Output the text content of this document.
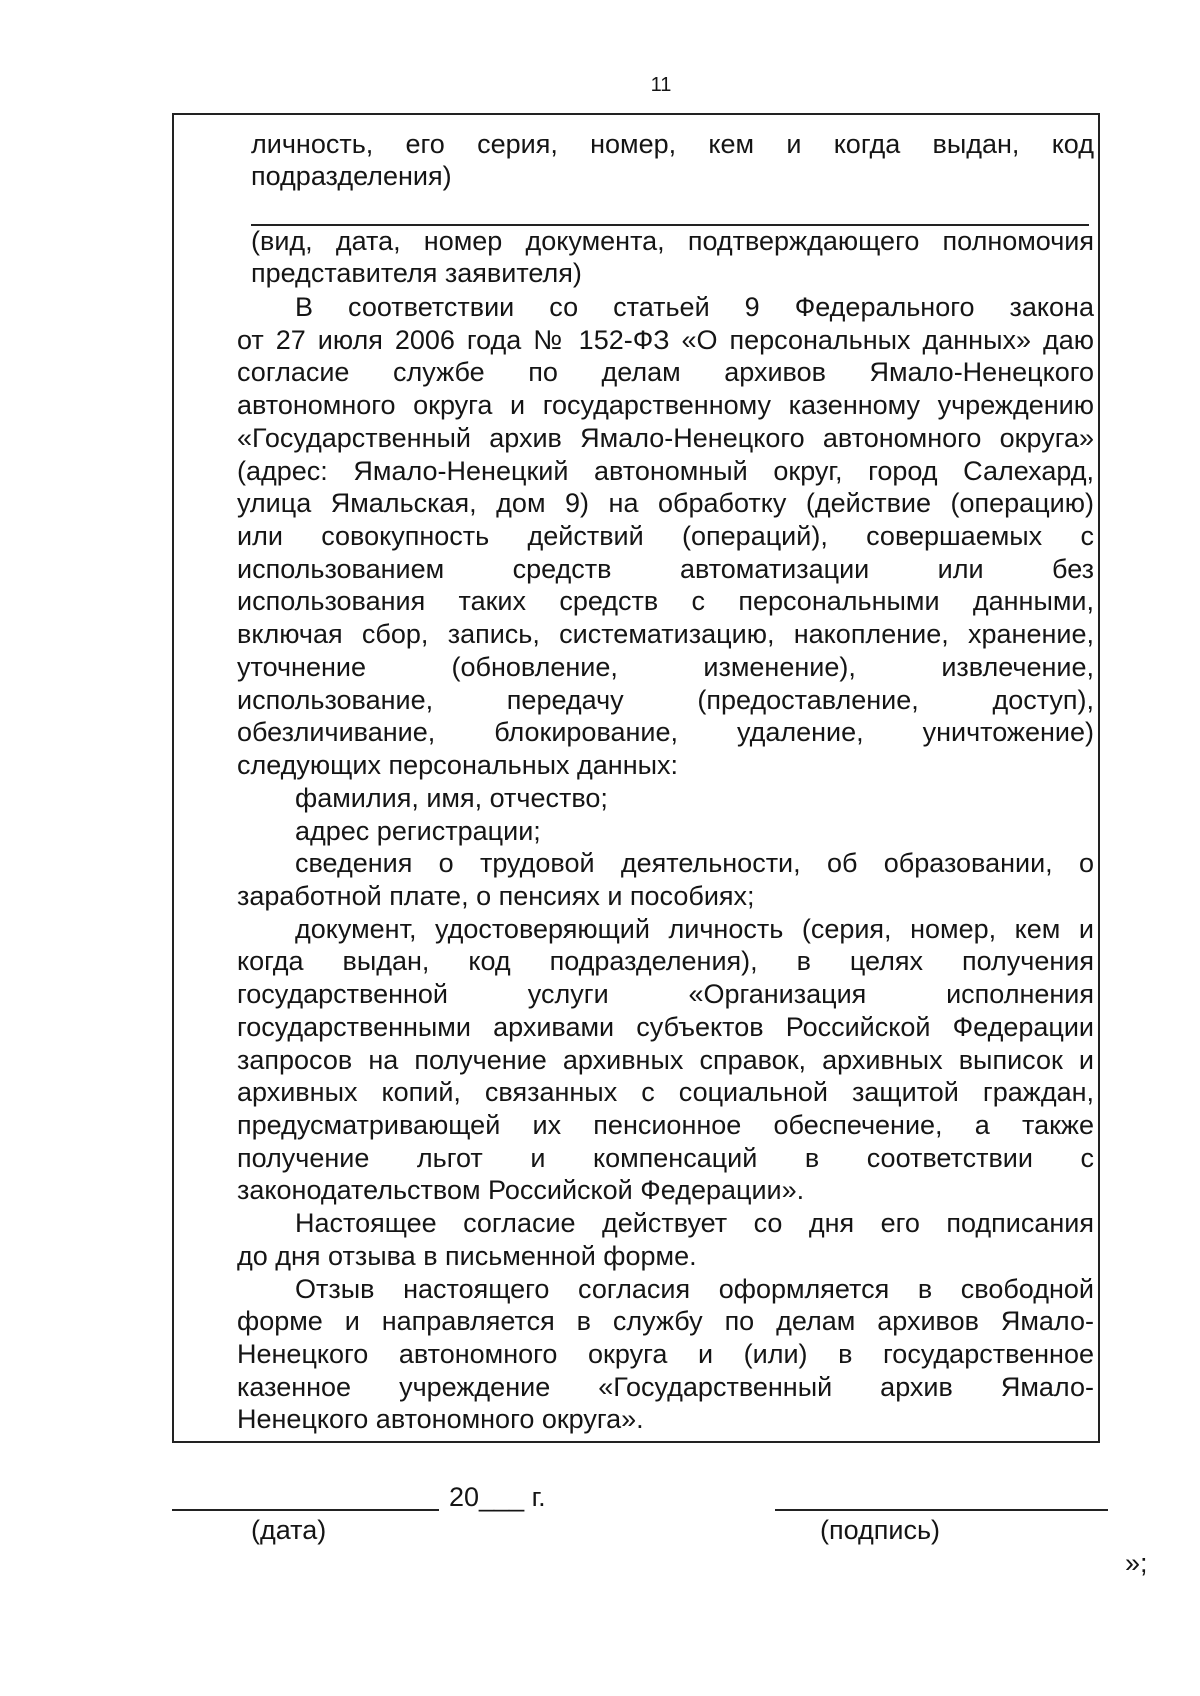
11
личность, его серия, номер, кем и когда выдан, код
подразделения)
(вид, дата, номер документа, подтверждающего полномочия
представителя заявителя)
В соответствии со статьей 9 Федерального закона
от 27 июля 2006 года № 152-ФЗ «О персональных данных» даю
согласие службе по делам архивов Ямало-Ненецкого
автономного округа и государственному казенному учреждению
«Государственный архив Ямало-Ненецкого автономного округа»
(адрес: Ямало-Ненецкий автономный округ, город Салехард,
улица Ямальская, дом 9) на обработку (действие (операцию)
или совокупность действий (операций), совершаемых с
использованием средств автоматизации или без
использования таких средств с персональными данными,
включая сбор, запись, систематизацию, накопление, хранение,
уточнение (обновление, изменение), извлечение,
использование, передачу (предоставление, доступ),
обезличивание, блокирование, удаление, уничтожение)
следующих персональных данных:
фамилия, имя, отчество;
адрес регистрации;
сведения о трудовой деятельности, об образовании, о
заработной плате, о пенсиях и пособиях;
документ, удостоверяющий личность (серия, номер, кем и
когда выдан, код подразделения), в целях получения
государственной услуги «Организация исполнения
государственными архивами субъектов Российской Федерации
запросов на получение архивных справок, архивных выписок и
архивных копий, связанных с социальной защитой граждан,
предусматривающей их пенсионное обеспечение, а также
получение льгот и компенсаций в соответствии с
законодательством Российской Федерации».
Настоящее согласие действует со дня его подписания
до дня отзыва в письменной форме.
Отзыв настоящего согласия оформляется в свободной
форме и направляется в службу по делам архивов Ямало-
Ненецкого автономного округа и (или) в государственное
казенное учреждение «Государственный архив Ямало-
Ненецкого автономного округа».
20___ г.
(дата)	(подпись)
»;
